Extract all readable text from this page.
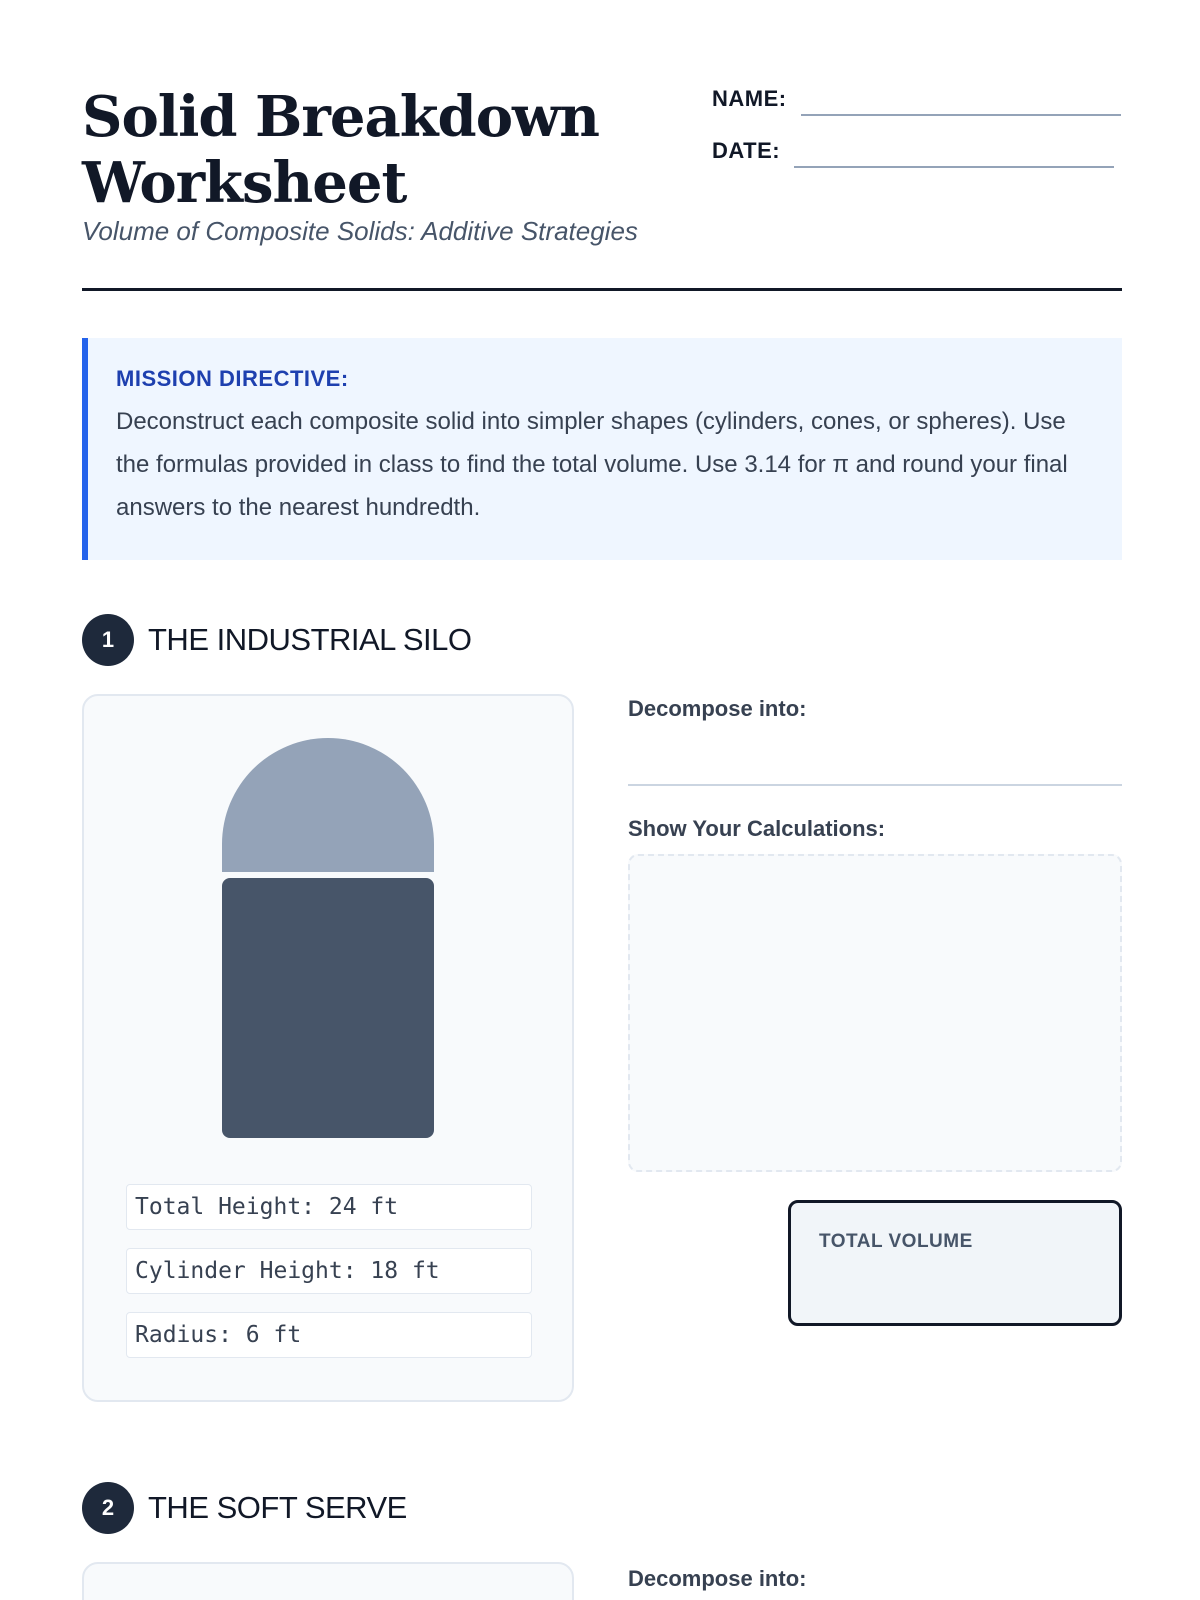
Solid Breakdown Worksheet

Volume of Composite Solids: Additive Strategies

NAME:
DATE:

MISSION DIRECTIVE:

Deconstruct each composite solid into simpler shapes (cylinders, cones, or spheres). Use the formulas provided in class to find the total volume. Use 3.14 for π and round your final answers to the nearest hundredth.

1	THE INDUSTRIAL SILO
Total Height: 24 ft
Cylinder Height: 18 ft
Radius: 6 ft
Decompose into:
Show Your Calculations:
TOTAL VOLUME
2	THE SOFT SERVE
Decompose into:
